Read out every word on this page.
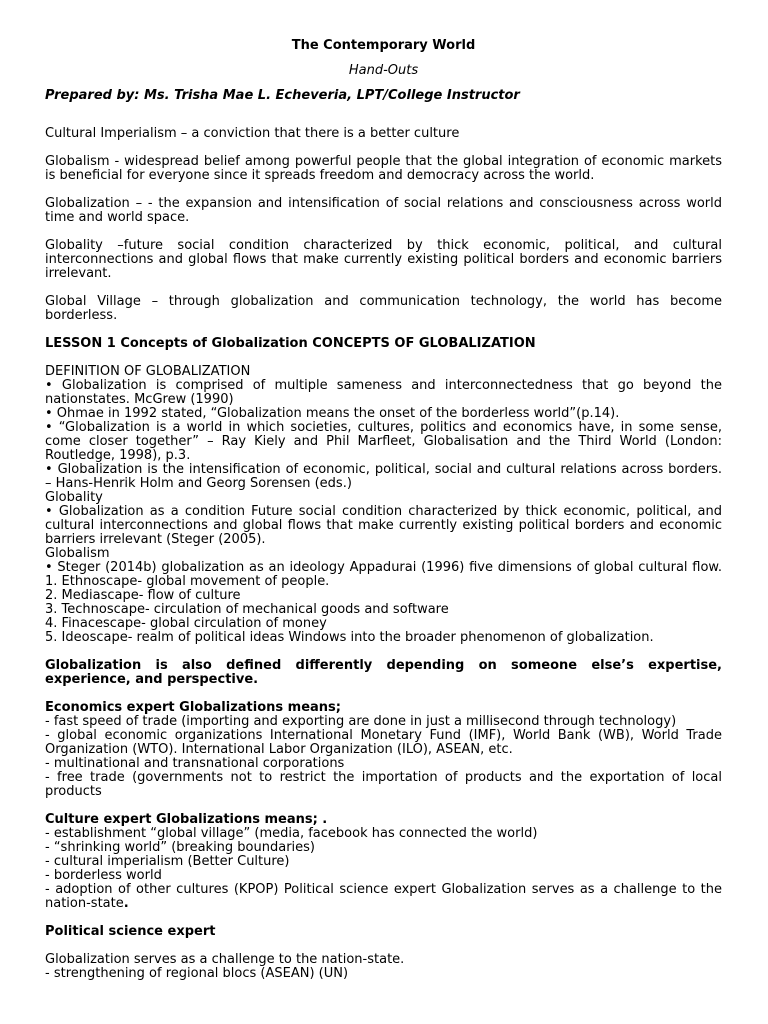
The Contemporary World

Hand-Outs

Prepared by: Ms. Trisha Mae L. Echeveria, LPT/College Instructor

Cultural Imperialism – a conviction that there is a better culture

Globalism - widespread belief among powerful people that the global integration of economic markets is beneficial for everyone since it spreads freedom and democracy across the world.

Globalization – - the expansion and intensification of social relations and consciousness across world time and world space.

Globality –future social condition characterized by thick economic, political, and cultural interconnections and global flows that make currently existing political borders and economic barriers irrelevant.

Global Village – through globalization and communication technology, the world has become borderless.

LESSON 1 Concepts of Globalization CONCEPTS OF GLOBALIZATION

DEFINITION OF GLOBALIZATION

• Globalization is comprised of multiple sameness and interconnectedness that go beyond the nationstates. McGrew (1990)

• Ohmae in 1992 stated, “Globalization means the onset of the borderless world”(p.14).

• “Globalization is a world in which societies, cultures, politics and economics have, in some sense, come closer together” – Ray Kiely and Phil Marfleet, Globalisation and the Third World (London: Routledge, 1998), p.3.

• Globalization is the intensification of economic, political, social and cultural relations across borders. – Hans-Henrik Holm and Georg Sorensen (eds.)

Globality

• Globalization as a condition Future social condition characterized by thick economic, political, and cultural interconnections and global flows that make currently existing political borders and economic barriers irrelevant (Steger (2005).

Globalism

• Steger (2014b) globalization as an ideology Appadurai (1996) five dimensions of global cultural flow. 1. Ethnoscape- global movement of people.

2. Mediascape- flow of culture

3. Technoscape- circulation of mechanical goods and software

4. Finacescape- global circulation of money

5. Ideoscape- realm of political ideas Windows into the broader phenomenon of globalization.

Globalization is also defined differently depending on someone else’s expertise, experience, and perspective.

Economics expert Globalizations means;

- fast speed of trade (importing and exporting are done in just a millisecond through technology)

- global economic organizations International Monetary Fund (IMF), World Bank (WB), World Trade Organization (WTO). International Labor Organization (ILO), ASEAN, etc.

- multinational and transnational corporations

- free trade (governments not to restrict the importation of products and the exportation of local products

Culture expert Globalizations means; .

- establishment “global village” (media, facebook has connected the world)

- “shrinking world” (breaking boundaries)

- cultural imperialism (Better Culture)

- borderless world

- adoption of other cultures (KPOP) Political science expert Globalization serves as a challenge to the nation-state.

Political science expert

Globalization serves as a challenge to the nation-state.

- strengthening of regional blocs (ASEAN) (UN)
